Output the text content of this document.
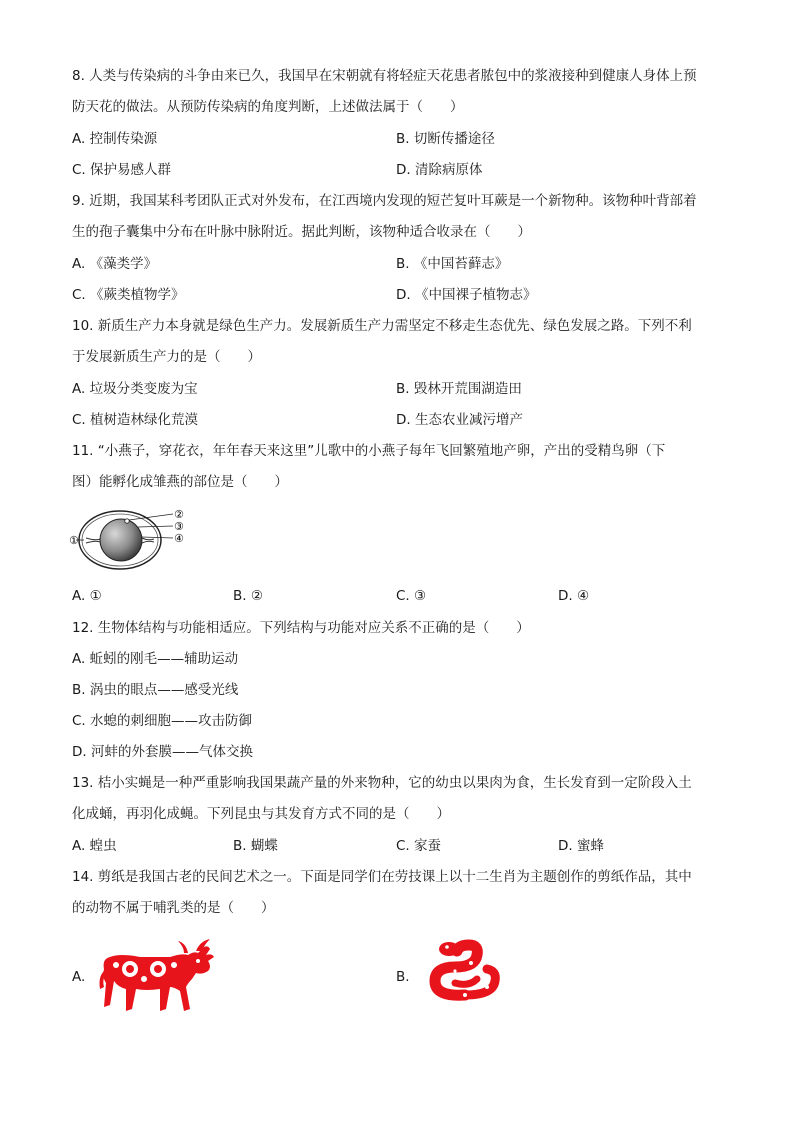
8. 人类与传染病的斗争由来已久，我国早在宋朝就有将轻症天花患者脓包中的浆液接种到健康人身体上预
防天花的做法。从预防传染病的角度判断，上述做法属于（　　）
A. 控制传染源	B. 切断传播途径
C. 保护易感人群	D. 清除病原体
9. 近期，我国某科考团队正式对外发布，在江西境内发现的短芒复叶耳蕨是一个新物种。该物种叶背部着
生的孢子囊集中分布在叶脉中脉附近。据此判断，该物种适合收录在（　　）
A. 《藻类学》	B. 《中国苔藓志》
C. 《蕨类植物学》	D. 《中国裸子植物志》
10. 新质生产力本身就是绿色生产力。发展新质生产力需坚定不移走生态优先、绿色发展之路。下列不利
于发展新质生产力的是（　　）
A. 垃圾分类变废为宝	B. 毁林开荒围湖造田
C. 植树造林绿化荒漠	D. 生态农业减污增产
11. “小燕子，穿花衣，年年春天来这里”儿歌中的小燕子每年飞回繁殖地产卵，产出的受精鸟卵（下
图）能孵化成雏燕的部位是（　　）
①
②
③
④
A. ①	B. ②	C. ③	D. ④
12. 生物体结构与功能相适应。下列结构与功能对应关系不正确的是（　　）
A. 蚯蚓的刚毛——辅助运动
B. 涡虫的眼点——感受光线
C. 水螅的刺细胞——攻击防御
D. 河蚌的外套膜——气体交换
13. 桔小实蝇是一种严重影响我国果蔬产量的外来物种，它的幼虫以果肉为食，生长发育到一定阶段入土
化成蛹，再羽化成蝇。下列昆虫与其发育方式不同的是（　　）
A. 蝗虫	B. 蝴蝶	C. 家蚕	D. 蜜蜂
14. 剪纸是我国古老的民间艺术之一。下面是同学们在劳技课上以十二生肖为主题创作的剪纸作品，其中
的动物不属于哺乳类的是（　　）
A.	B.
